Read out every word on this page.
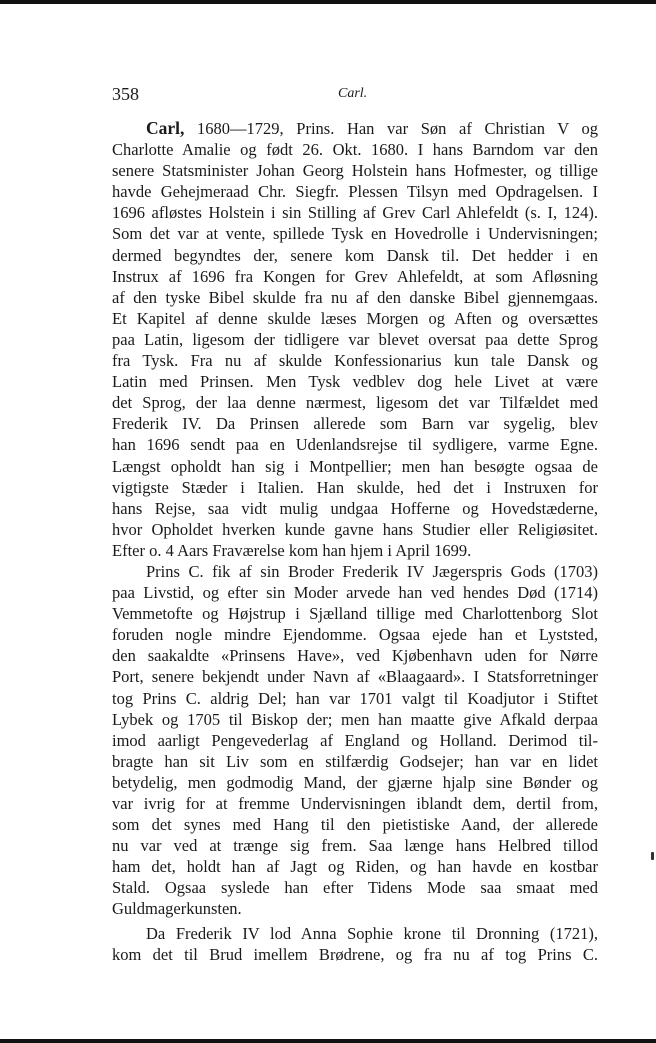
358	Carl.
Carl, 1680—1729, Prins. Han var Søn af Christian V og
Charlotte Amalie og født 26. Okt. 1680. I hans Barndom var den
senere Statsminister Johan Georg Holstein hans Hofmester, og tillige
havde Gehejmeraad Chr. Siegfr. Plessen Tilsyn med Opdragelsen. I
1696 afløstes Holstein i sin Stilling af Grev Carl Ahlefeldt (s. I, 124).
Som det var at vente, spillede Tysk en Hovedrolle i Undervisningen;
dermed begyndtes der, senere kom Dansk til. Det hedder i en
Instrux af 1696 fra Kongen for Grev Ahlefeldt, at som Afløsning
af den tyske Bibel skulde fra nu af den danske Bibel gjennemgaas.
Et Kapitel af denne skulde læses Morgen og Aften og oversættes
paa Latin, ligesom der tidligere var blevet oversat paa dette Sprog
fra Tysk. Fra nu af skulde Konfessionarius kun tale Dansk og
Latin med Prinsen. Men Tysk vedblev dog hele Livet at være
det Sprog, der laa denne nærmest, ligesom det var Tilfældet med
Frederik IV. Da Prinsen allerede som Barn var sygelig, blev
han 1696 sendt paa en Udenlandsrejse til sydligere, varme Egne.
Længst opholdt han sig i Montpellier; men han besøgte ogsaa de
vigtigste Stæder i Italien. Han skulde, hed det i Instruxen for
hans Rejse, saa vidt mulig undgaa Hofferne og Hovedstæderne,
hvor Opholdet hverken kunde gavne hans Studier eller Religiøsitet.
Efter o. 4 Aars Fraværelse kom han hjem i April 1699.
Prins C. fik af sin Broder Frederik IV Jægerspris Gods (1703)
paa Livstid, og efter sin Moder arvede han ved hendes Død (1714)
Vemmetofte og Højstrup i Sjælland tillige med Charlottenborg Slot
foruden nogle mindre Ejendomme. Ogsaa ejede han et Lyststed,
den saakaldte «Prinsens Have», ved Kjøbenhavn uden for Nørre
Port, senere bekjendt under Navn af «Blaagaard». I Statsforretninger
tog Prins C. aldrig Del; han var 1701 valgt til Koadjutor i Stiftet
Lybek og 1705 til Biskop der; men han maatte give Afkald derpaa
imod aarligt Pengevederlag af England og Holland. Derimod til-
bragte han sit Liv som en stilfærdig Godsejer; han var en lidet
betydelig, men godmodig Mand, der gjærne hjalp sine Bønder og
var ivrig for at fremme Undervisningen iblandt dem, dertil from,
som det synes med Hang til den pietistiske Aand, der allerede
nu var ved at trænge sig frem. Saa længe hans Helbred tillod
ham det, holdt han af Jagt og Riden, og han havde en kostbar
Stald. Ogsaa syslede han efter Tidens Mode saa smaat med
Guldmagerkunsten.
Da Frederik IV lod Anna Sophie krone til Dronning (1721),
kom det til Brud imellem Brødrene, og fra nu af tog Prins C.
